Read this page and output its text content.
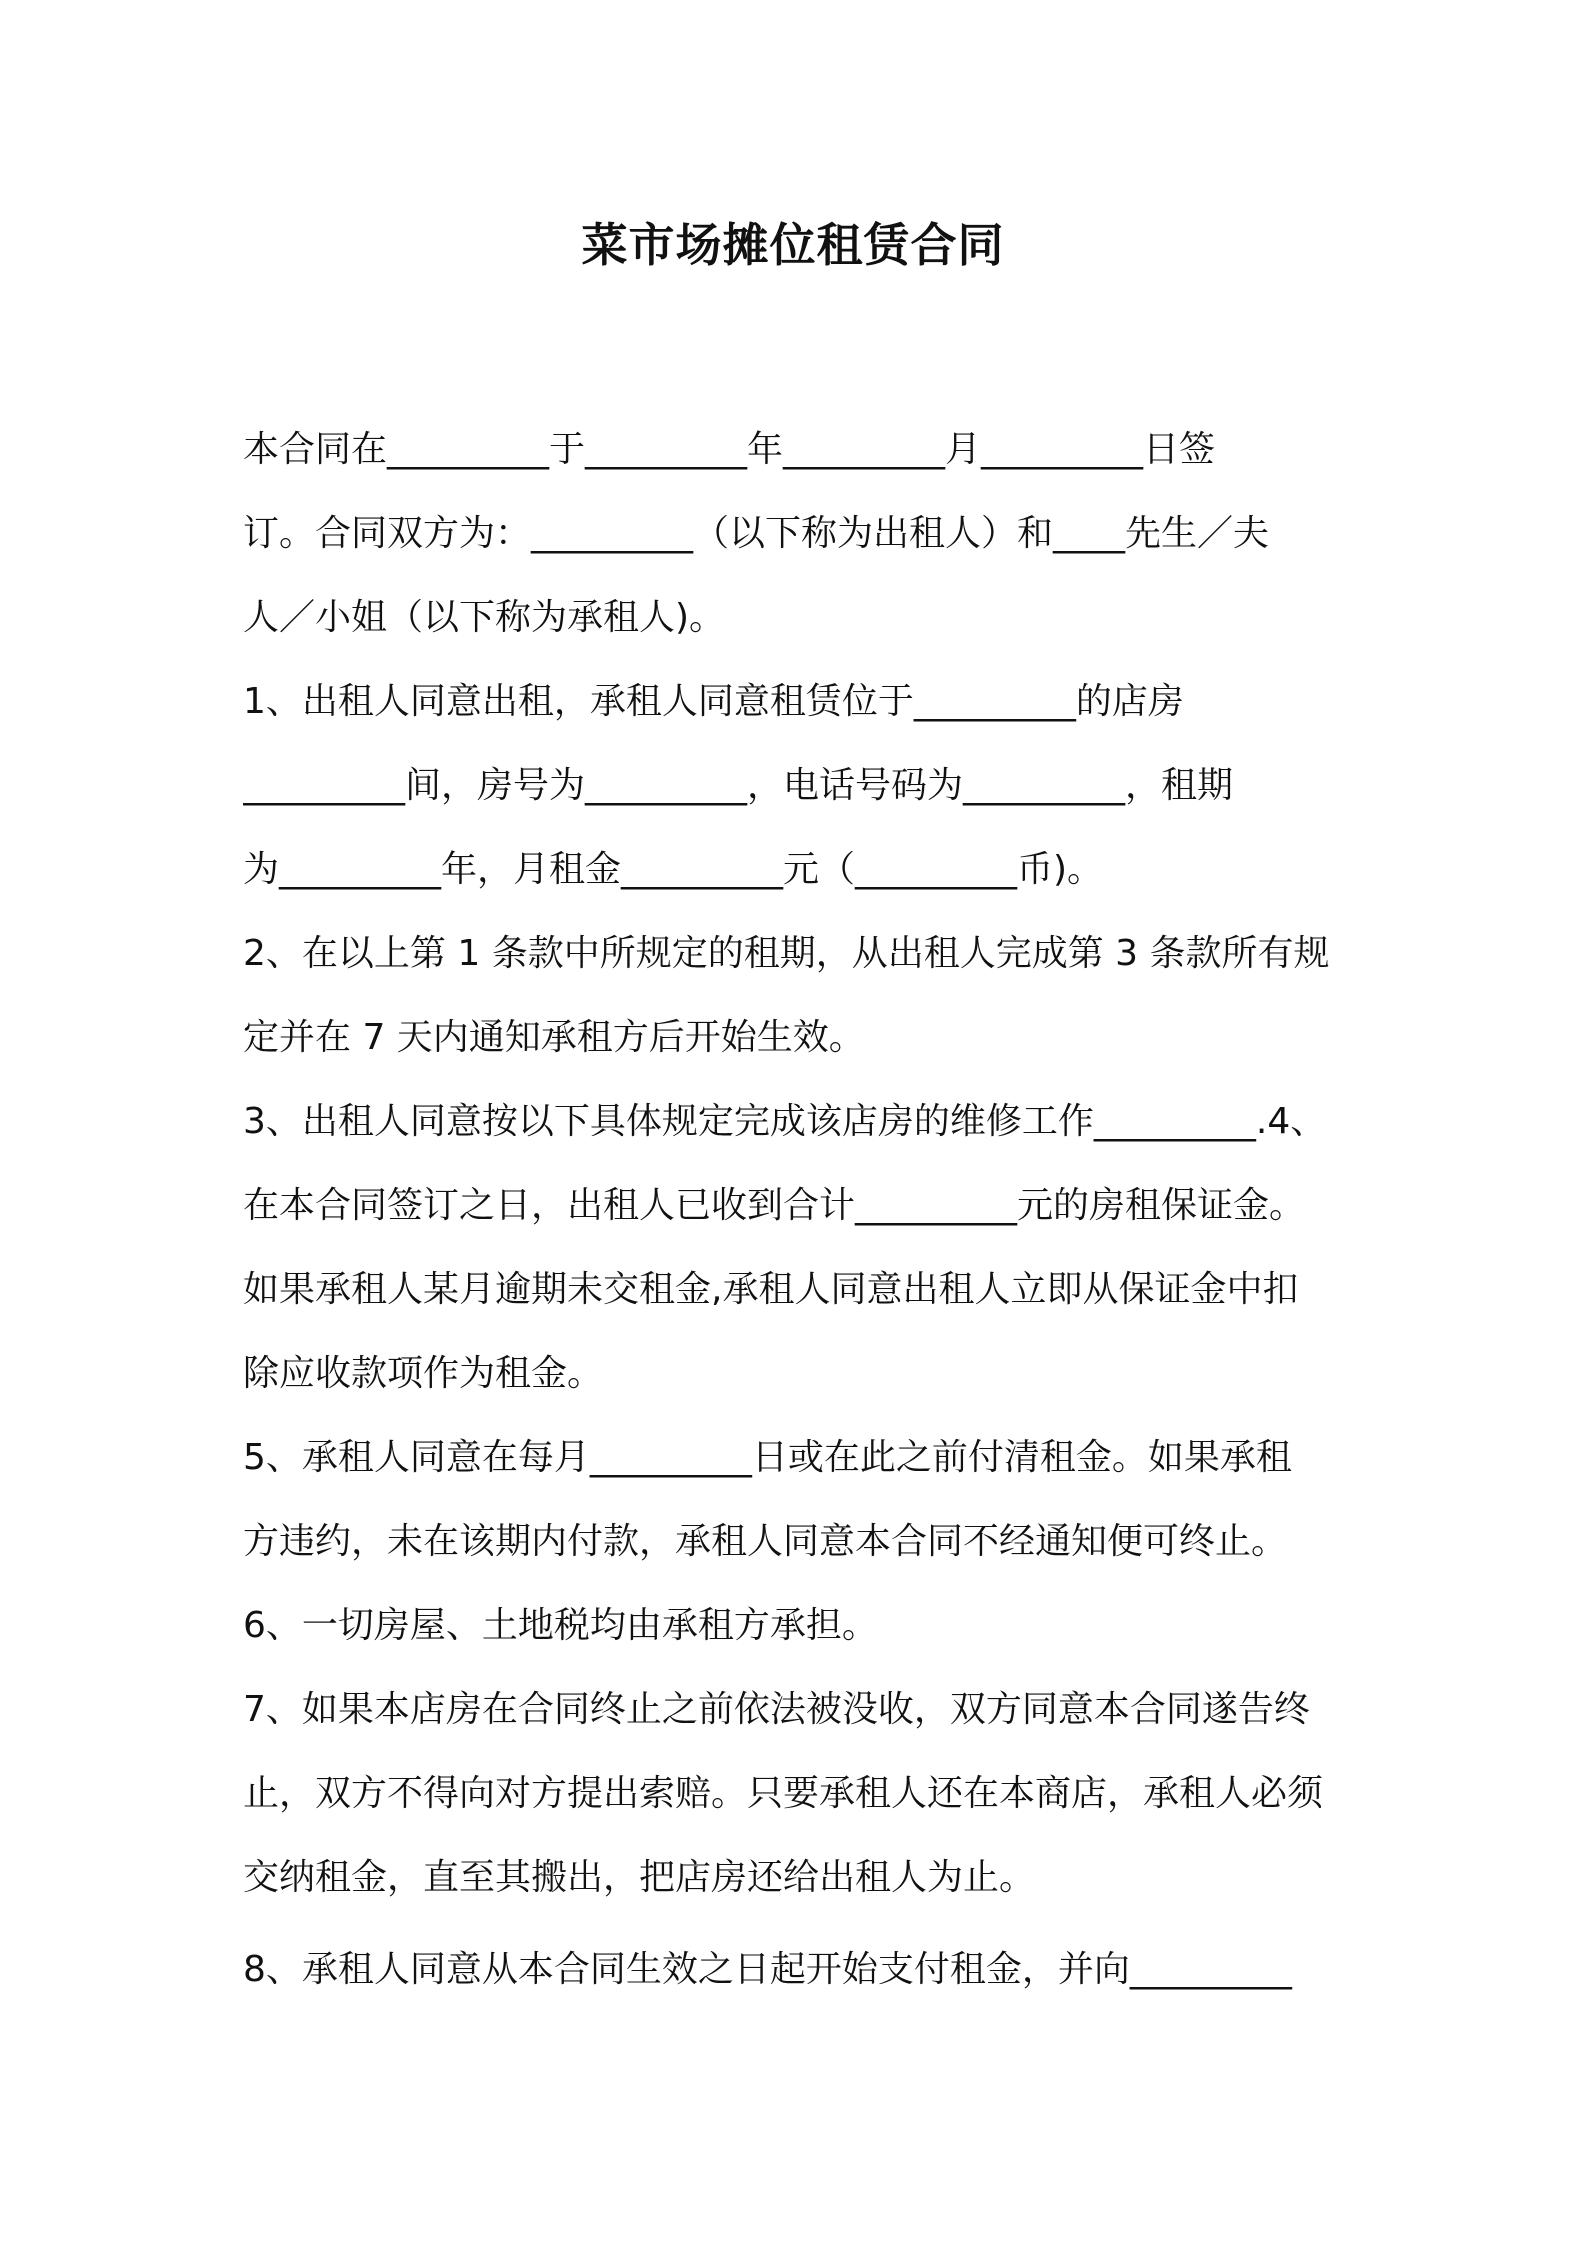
菜市场摊位租赁合同
本合同在_________于_________年_________月_________日签
订。合同双方为：_________（以下称为出租人）和____先生／夫
人／小姐（以下称为承租人)。
1、出租人同意出租，承租人同意租赁位于_________的店房
_________间，房号为_________，电话号码为_________，租期
为_________年，月租金_________元（_________币)。
2、在以上第 1 条款中所规定的租期，从出租人完成第 3 条款所有规
定并在 7 天内通知承租方后开始生效。
3、出租人同意按以下具体规定完成该店房的维修工作_________.4、
在本合同签订之日，出租人已收到合计_________元的房租保证金。
如果承租人某月逾期未交租金,承租人同意出租人立即从保证金中扣
除应收款项作为租金。
5、承租人同意在每月_________日或在此之前付清租金。如果承租
方违约，未在该期内付款，承租人同意本合同不经通知便可终止。
6、一切房屋、土地税均由承租方承担。
7、如果本店房在合同终止之前依法被没收，双方同意本合同遂告终
止，双方不得向对方提出索赔。只要承租人还在本商店，承租人必须
交纳租金，直至其搬出，把店房还给出租人为止。
8、承租人同意从本合同生效之日起开始支付租金，并向_________
